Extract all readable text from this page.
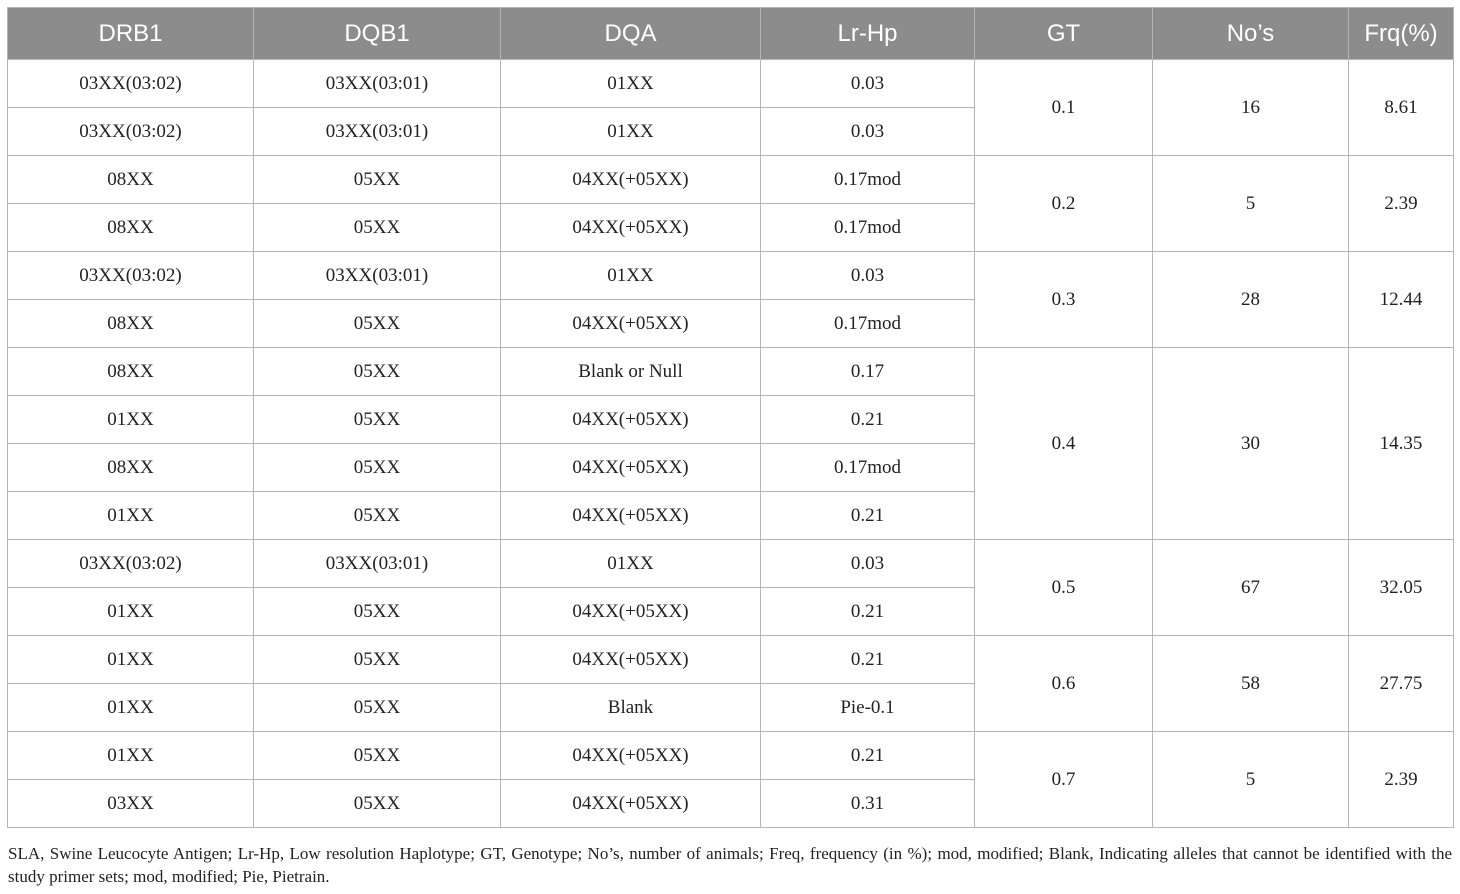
DRB1	DQB1	DQA	Lr-Hp	GT	No’s	Frq(%)
03XX(03:02)	03XX(03:01)	01XX	0.03	0.1	16	8.61
03XX(03:02)	03XX(03:01)	01XX	0.03			
08XX	05XX	04XX(+05XX)	0.17mod	0.2	5	2.39
08XX	05XX	04XX(+05XX)	0.17mod			
03XX(03:02)	03XX(03:01)	01XX	0.03	0.3	28	12.44
08XX	05XX	04XX(+05XX)	0.17mod			
08XX	05XX	Blank or Null	0.17	0.4	30	14.35
01XX	05XX	04XX(+05XX)	0.21			
08XX	05XX	04XX(+05XX)	0.17mod			
01XX	05XX	04XX(+05XX)	0.21			
03XX(03:02)	03XX(03:01)	01XX	0.03	0.5	67	32.05
01XX	05XX	04XX(+05XX)	0.21			
01XX	05XX	04XX(+05XX)	0.21	0.6	58	27.75
01XX	05XX	Blank	Pie-0.1			
01XX	05XX	04XX(+05XX)	0.21	0.7	5	2.39
03XX	05XX	04XX(+05XX)	0.31			

SLA, Swine Leucocyte Antigen; Lr-Hp, Low resolution Haplotype; GT, Genotype; No’s, number of animals; Freq, frequency (in %); mod, modified; Blank, Indicating alleles that cannot be identified with the study primer sets; mod, modified; Pie, Pietrain.
